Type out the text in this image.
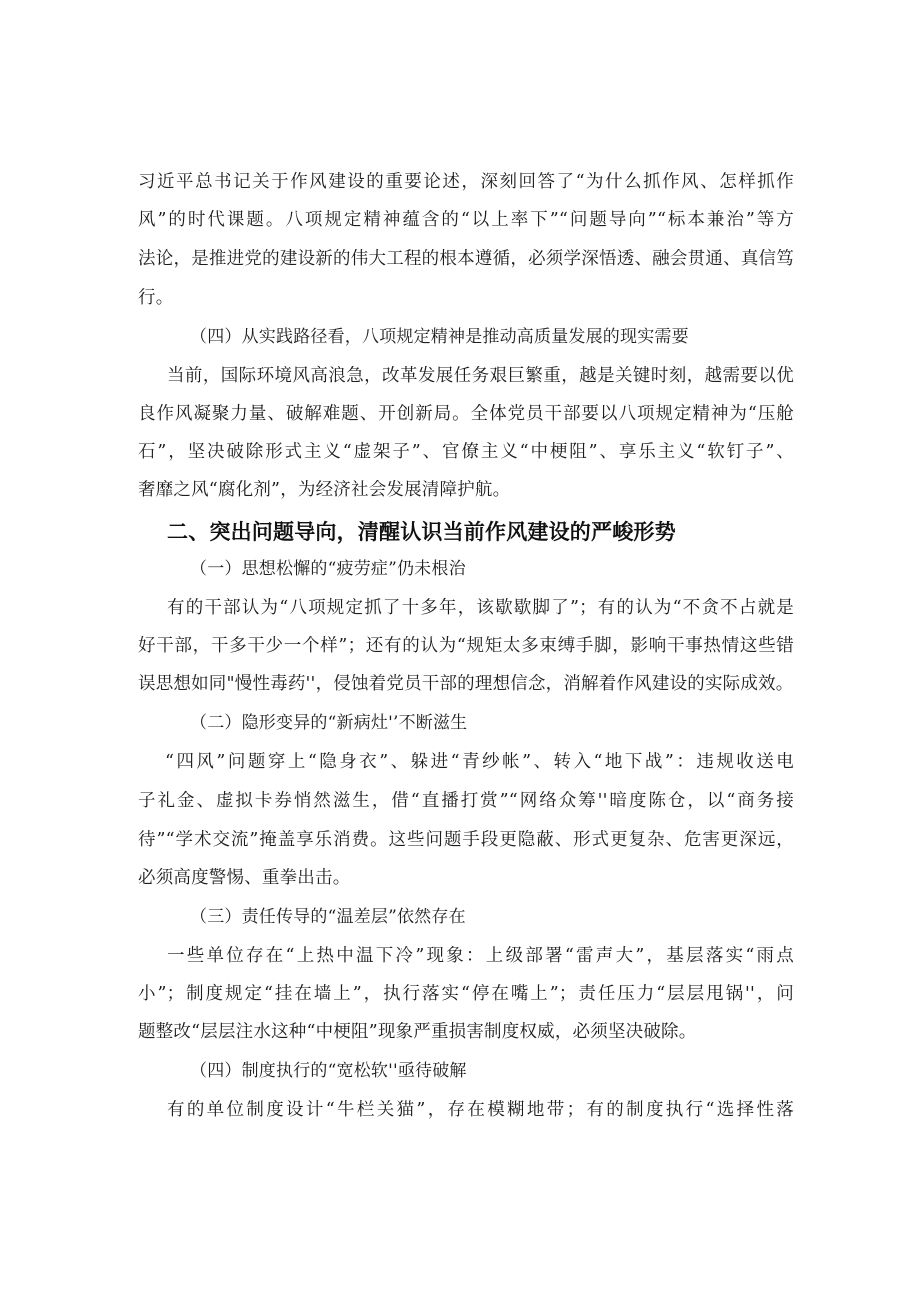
习近平总书记关于作风建设的重要论述，深刻回答了“为什么抓作风、怎样抓作
风”的时代课题。八项规定精神蕴含的“以上率下”“问题导向”“标本兼治”等方
法论，是推进党的建设新的伟大工程的根本遵循，必须学深悟透、融会贯通、真信笃
行。
（四）从实践路径看，八项规定精神是推动高质量发展的现实需要
当前，国际环境风高浪急，改革发展任务艰巨繁重，越是关键时刻，越需要以优
良作风凝聚力量、破解难题、开创新局。全体党员干部要以八项规定精神为“压舱
石”，坚决破除形式主义“虚架子”、官僚主义“中梗阻”、享乐主义“软钉子”、
奢靡之风“腐化剂”，为经济社会发展清障护航。
二、突出问题导向，清醒认识当前作风建设的严峻形势
（一）思想松懈的“疲劳症”仍未根治
有的干部认为“八项规定抓了十多年，该歇歇脚了”；有的认为“不贪不占就是
好干部，干多干少一个样”；还有的认为“规矩太多束缚手脚，影响干事热情这些错
误思想如同"慢性毒药''，侵蚀着党员干部的理想信念，消解着作风建设的实际成效。
（二）隐形变异的“新病灶'’不断滋生
“四风”问题穿上“隐身衣”、躲进“青纱帐”、转入“地下战”：违规收送电
子礼金、虚拟卡券悄然滋生，借“直播打赏”“网络众筹''暗度陈仓，以“商务接
待”“学术交流”掩盖享乐消费。这些问题手段更隐蔽、形式更复杂、危害更深远，
必须高度警惕、重拳出击。
（三）责任传导的“温差层”依然存在
一些单位存在“上热中温下冷”现象：上级部署“雷声大”，基层落实“雨点
小”；制度规定“挂在墙上”，执行落实“停在嘴上”；责任压力“层层甩锅''，问
题整改“层层注水这种“中梗阻”现象严重损害制度权威，必须坚决破除。
（四）制度执行的“宽松软''亟待破解
有的单位制度设计“牛栏关猫”，存在模糊地带；有的制度执行“选择性落
